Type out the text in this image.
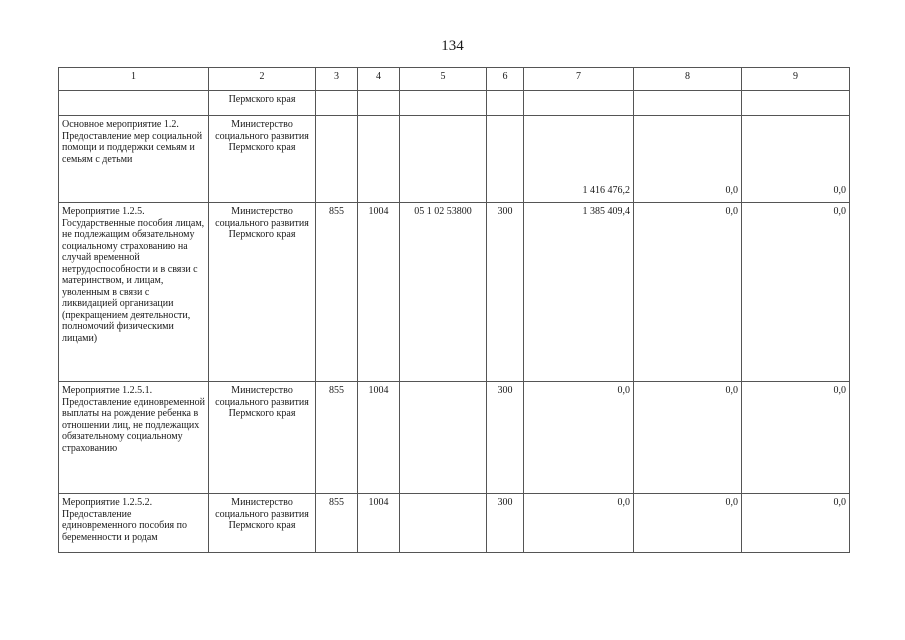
134
1	2	3	4	5	6	7	8	9
	Пермского края							
Основное мероприятие 1.2. Предоставление мер социальной помощи и поддержки семьям и семьям с детьми	Министерство социального развития Пермского края					1 416 476,2	0,0	0,0
Мероприятие 1.2.5. Государственные пособия лицам, не подлежащим обязательному социальному страхованию на случай временной нетрудоспособности и в связи с материнством, и лицам, уволенным в связи с ликвидацией организации (прекращением деятельности, полномочий физическими лицами)	Министерство социального развития Пермского края	855	1004	05 1 02 53800	300	1 385 409,4	0,0	0,0
Мероприятие 1.2.5.1. Предоставление единовременной выплаты на рождение ребенка в отношении лиц, не подлежащих обязательному социальному страхованию	Министерство социального развития Пермского края	855	1004		300	0,0	0,0	0,0
Мероприятие 1.2.5.2. Предоставление единовременного пособия по беременности и родам	Министерство социального развития Пермского края	855	1004		300	0,0	0,0	0,0
